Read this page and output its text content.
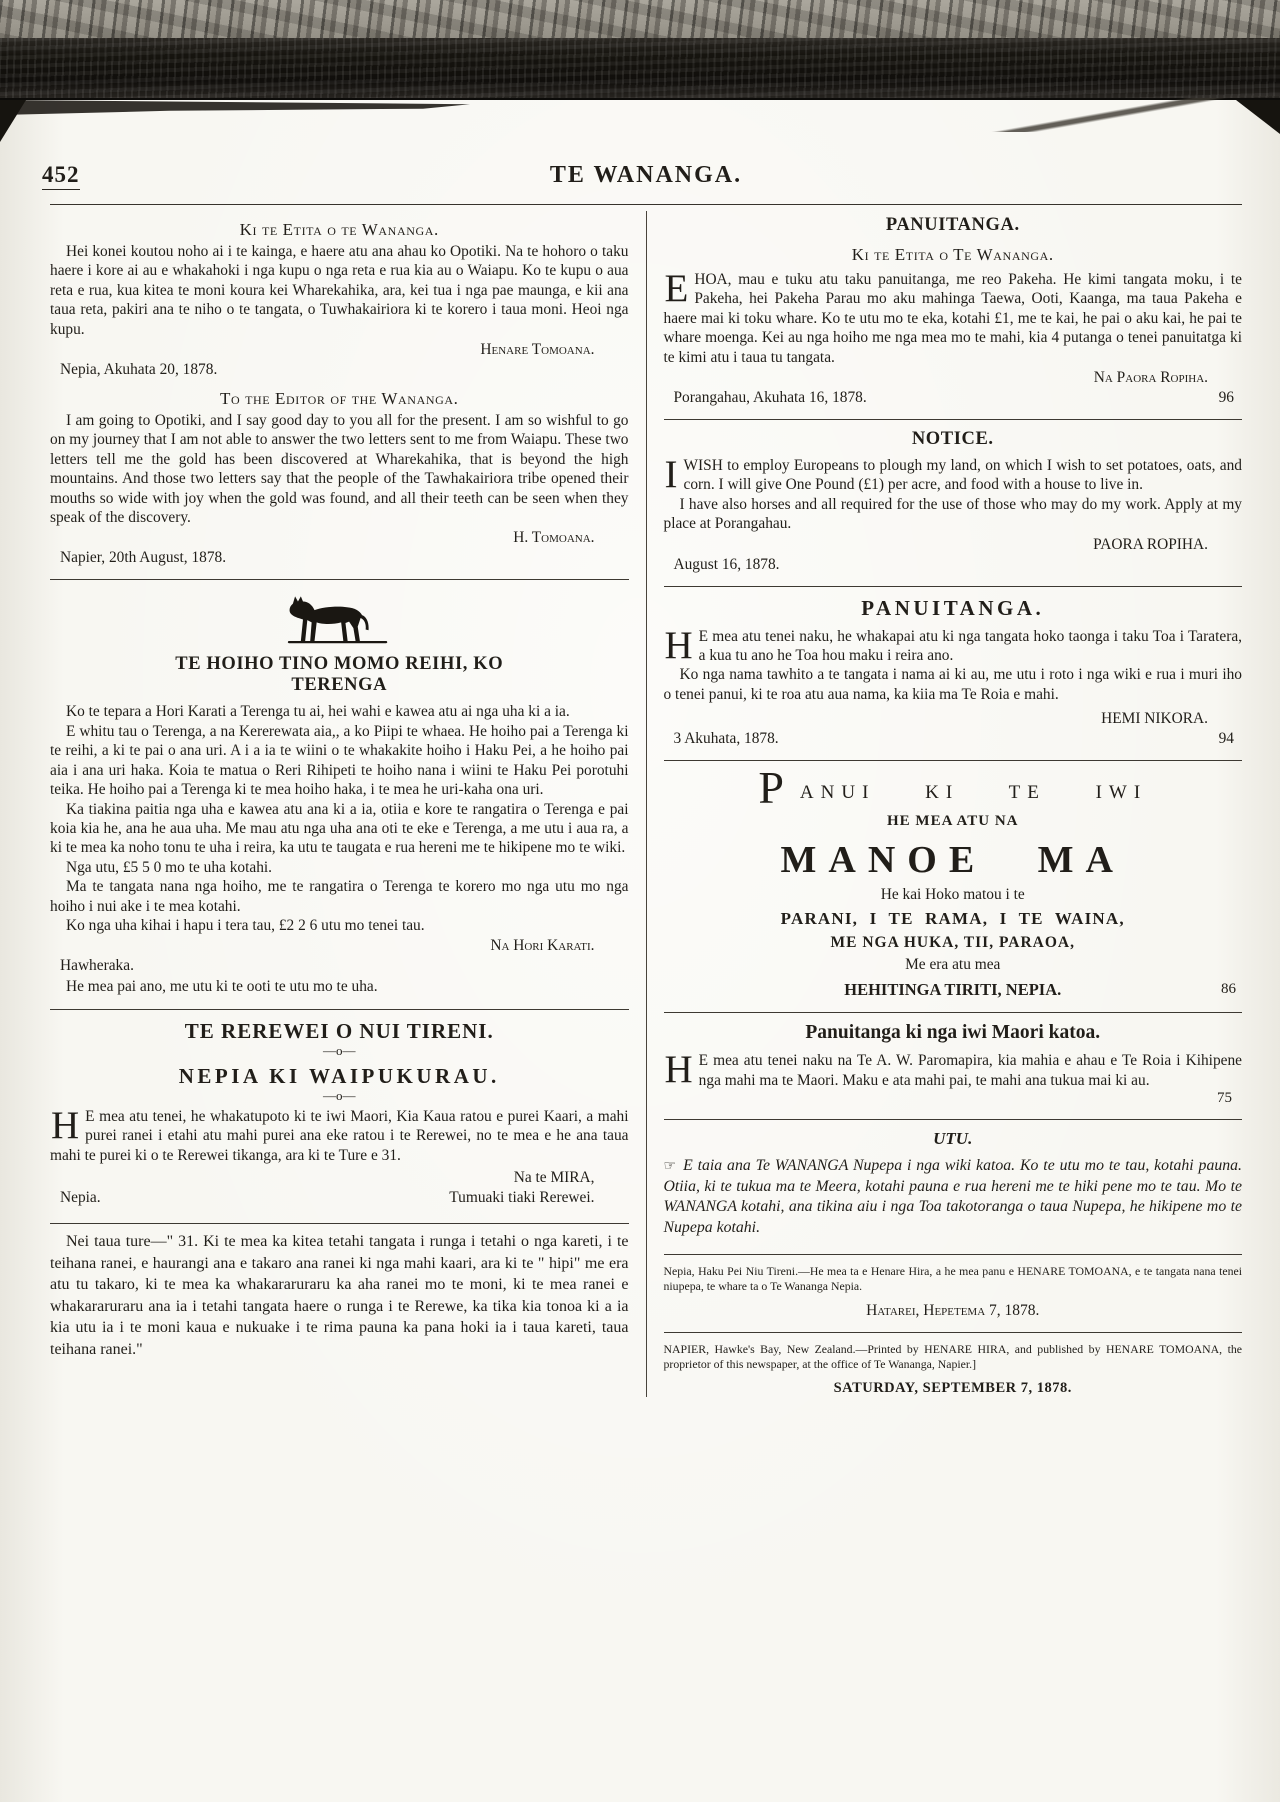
452	TE WANANGA.
Ki te Etita o te Wananga.

Hei konei koutou noho ai i te kainga, e haere atu ana ahau ko Opotiki. Na te hohoro o taku haere i kore ai au e whakahoki i nga kupu o nga reta e rua kia au o Waiapu. Ko te kupu o aua reta e rua, kua kitea te moni koura kei Wharekahika, ara, kei tua i nga pae maunga, e kii ana taua reta, pakiri ana te niho o te tangata, o Tuwhakairiora ki te korero i taua moni. Heoi nga kupu.

Henare Tomoana.

Nepia, Akuhata 20, 1878.

To the Editor of the Wananga.

I am going to Opotiki, and I say good day to you all for the present. I am so wishful to go on my journey that I am not able to answer the two letters sent to me from Waiapu. These two letters tell me the gold has been discovered at Wharekahika, that is beyond the high mountains. And those two letters say that the people of the Tawhakairiora tribe opened their mouths so wide with joy when the gold was found, and all their teeth can be seen when they speak of the discovery.

H. Tomoana.

Napier, 20th August, 1878.

TE HOIHO TINO MOMO REIHI, KO
TERENGA

Ko te tepara a Hori Karati a Terenga tu ai, hei wahi e kawea atu ai nga uha ki a ia.

E whitu tau o Terenga, a na Kererewata aia,, a ko Piipi te whaea. He hoiho pai a Terenga ki te reihi, a ki te pai o ana uri. A i a ia te wiini o te whakakite hoiho i Haku Pei, a he hoiho pai aia i ana uri haka. Koia te matua o Reri Rihipeti te hoiho nana i wiini te Haku Pei porotuhi teika. He hoiho pai a Terenga ki te mea hoiho haka, i te mea he uri-kaha ona uri.

Ka tiakina paitia nga uha e kawea atu ana ki a ia, otiia e kore te rangatira o Terenga e pai koia kia he, ana he aua uha. Me mau atu nga uha ana oti te eke e Terenga, a me utu i aua ra, a ki te mea ka noho tonu te uha i reira, ka utu te taugata e rua hereni me te hikipene mo te wiki.

Nga utu, £5 5 0 mo te uha kotahi.

Ma te tangata nana nga hoiho, me te rangatira o Terenga te korero mo nga utu mo nga hoiho i nui ake i te mea kotahi.

Ko nga uha kihai i hapu i tera tau, £2 2 6 utu mo tenei tau.

Na Hori Karati.

Hawheraka.

He mea pai ano, me utu ki te ooti te utu mo te uha.

TE REREWEI O NUI TIRENI.
—o—
NEPIA KI WAIPUKURAU.
—o—

H E mea atu tenei, he whakatupoto ki te iwi Maori, Kia Kaua ratou e purei Kaari, a mahi purei ranei i etahi atu mahi purei ana eke ratou i te Rerewei, no te mea e he ana taua mahi te purei ki o te Rerewei tikanga, ara ki te Ture e 31.

Na te MIRA,

Nepia.	Tumuaki tiaki Rerewei.

Nei taua ture—" 31. Ki te mea ka kitea tetahi tangata i runga i tetahi o nga kareti, i te teihana ranei, e haurangi ana e takaro ana ranei ki nga mahi kaari, ara ki te " hipi" me era atu tu takaro, ki te mea ka whakararuraru ka aha ranei mo te moni, ki te mea ranei e whakararuraru ana ia i tetahi tangata haere o runga i te Rerewe, ka tika kia tonoa ki a ia kia utu ia i te moni kaua e nukuake i te rima pauna ka pana hoki ia i taua kareti, taua teihana ranei."

PANUITANGA.
Ki te Etita o Te Wananga.

EHOA, mau e tuku atu taku panuitanga, me reo Pakeha. He kimi tangata moku, i te Pakeha, hei Pakeha Parau mo aku mahinga Taewa, Ooti, Kaanga, ma taua Pakeha e haere mai ki toku whare. Ko te utu mo te eka, kotahi £1, me te kai, he pai o aku kai, he pai te whare moenga. Kei au nga hoiho me nga mea mo te mahi, kia 4 putanga o tenei panuitatga ki te kimi atu i taua tu tangata.

Na Paora Ropiha.

Porangahau, Akuhata 16, 1878.	96
NOTICE.

IWISH to employ Europeans to plough my land, on which I wish to set potatoes, oats, and corn. I will give One Pound (£1) per acre, and food with a house to live in.

I have also horses and all required for the use of those who may do my work. Apply at my place at Porangahau.

PAORA ROPIHA.

August 16, 1878.

PANUITANGA.

H E mea atu tenei naku, he whakapai atu ki nga tangata hoko taonga i taku Toa i Taratera, a kua tu ano he Toa hou maku i reira ano.

Ko nga nama tawhito a te tangata i nama ai ki au, me utu i roto i nga wiki e rua i muri iho o tenei panui, ki te roa atu aua nama, ka kiia ma Te Roia e mahi.

HEMI NIKORA.

3 Akuhata, 1878.	94
P ANUI KI TE IWI
HE MEA ATU NA
MANOE MA
He kai Hoko matou i te
PARANI, I TE RAMA, I TE WAINA,
ME NGA HUKA, TII, PARAOA,
Me era atu mea
HEHITINGA TIRITI, NEPIA.	86
Panuitanga ki nga iwi Maori katoa.

H E mea atu tenei naku na Te A. W. Paromapira, kia mahia e ahau e Te Roia i Kihipene nga mahi ma te Maori. Maku e ata mahi pai, te mahi ana tukua mai ki au.

75
UTU.

☞ E taia ana Te WANANGA Nupepa i nga wiki katoa. Ko te utu mo te tau, kotahi pauna. Otiia, ki te tukua ma te Meera, kotahi pauna e rua hereni me te hiki pene mo te tau. Mo te WANANGA kotahi, ana tikina aiu i nga Toa takotoranga o taua Nupepa, he hikipene mo te Nupepa kotahi.

Nepia, Haku Pei Niu Tireni.—He mea ta e Henare Hira, a he mea panu e HENARE TOMOANA, e te tangata nana tenei niupepa, te whare ta o Te Wananga Nepia.

Hatarei, Hepetema 7, 1878.

NAPIER, Hawke's Bay, New Zealand.—Printed by HENARE HIRA, and published by HENARE TOMOANA, the proprietor of this newspaper, at the office of Te Wananga, Napier.]

SATURDAY, SEPTEMBER 7, 1878.
